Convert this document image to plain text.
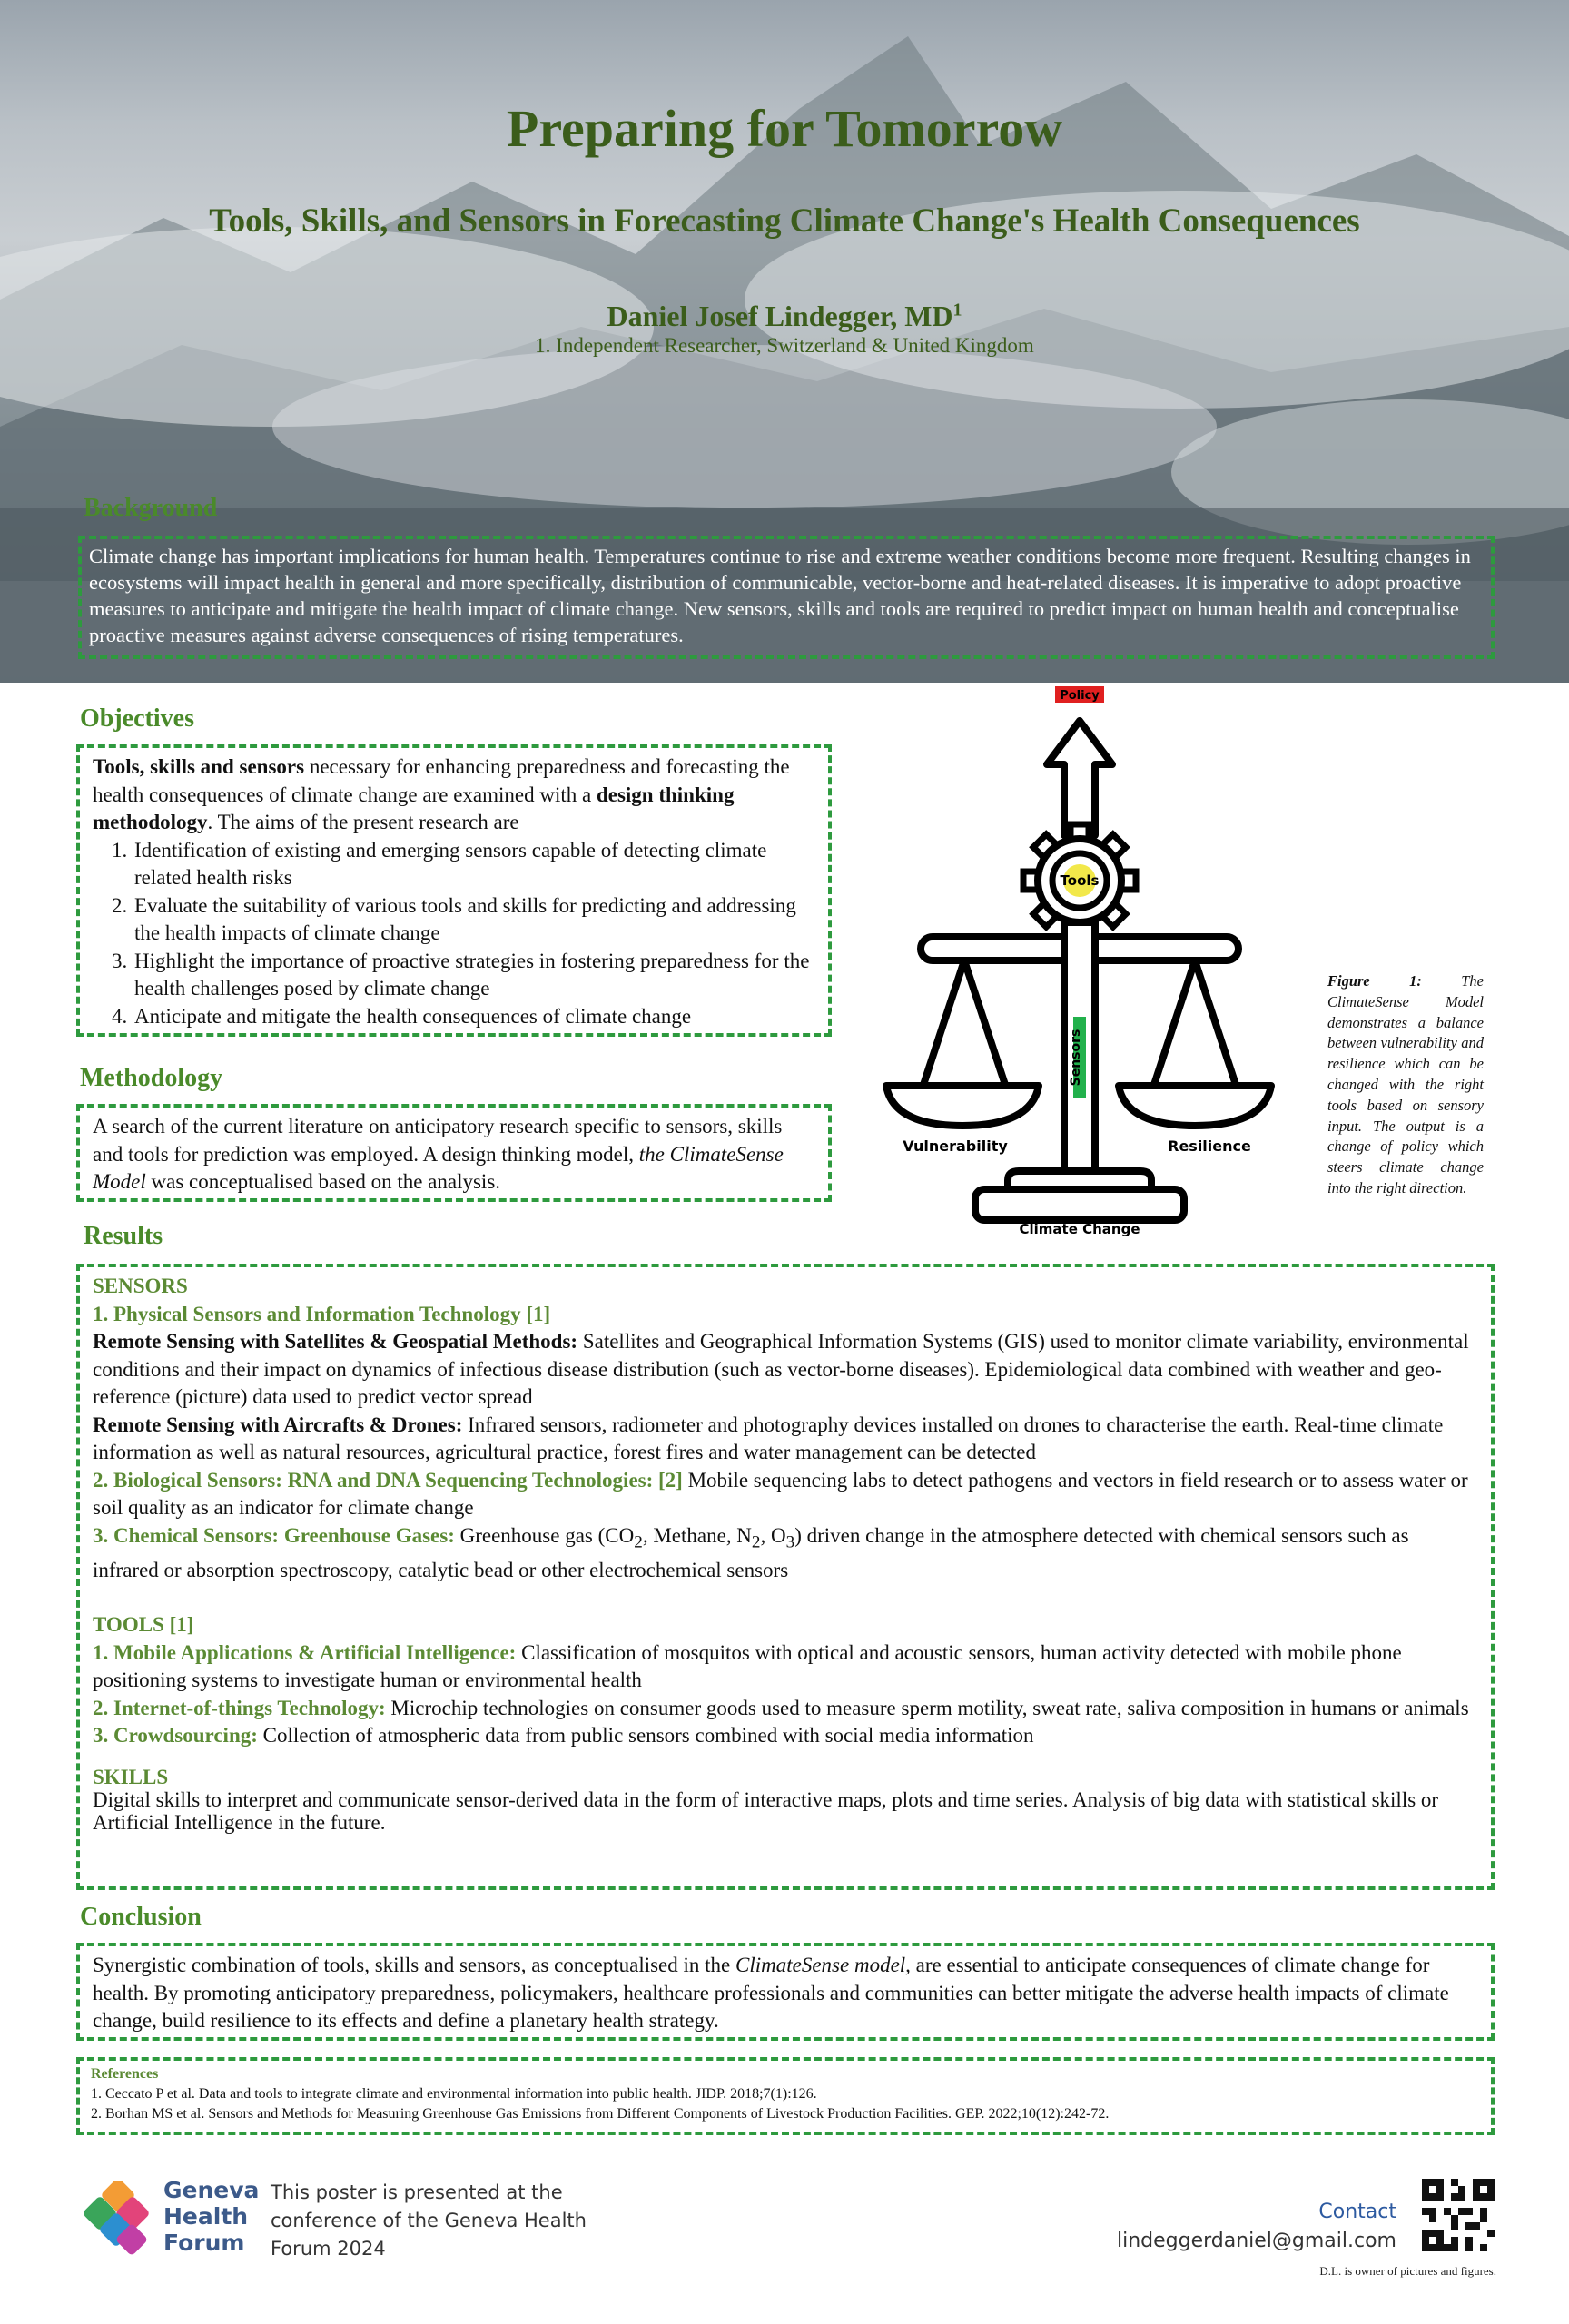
Preparing for Tomorrow
Tools, Skills, and Sensors in Forecasting Climate Change's Health Consequences
Daniel Josef Lindegger, $MD^1$
1. Independent Researcher, Switzerland & United Kingdom
Background
Climate change has important implications for human health. Temperatures continue to rise and extreme weather conditions become more frequent. Resulting changes in ecosystems will impact health in general and more specifically, distribution of communicable, vector-borne and heat-related diseases. It is imperative to adopt proactive measures to anticipate and mitigate the health impact of climate change. New sensors, skills and tools are required to predict impact on human health and conceptualise proactive measures against adverse consequences of rising temperatures.
Objectives
Tools, skills and sensors necessary for enhancing preparedness and forecasting the health consequences of climate change are examined with a design thinking methodology. The aims of the present research are
1. Identification of existing and emerging sensors capable of detecting climate related health risks
2. Evaluate the suitability of various tools and skills for predicting and addressing the health impacts of climate change
3. Highlight the importance of proactive strategies in fostering preparedness for the health challenges posed by climate change
4. Anticipate and mitigate the health consequences of climate change
Methodology
A search of the current literature on anticipatory research specific to sensors, skills and tools for prediction was employed. A design thinking model, the ClimateSense Model was conceptualised based on the analysis.
Policy
Tools
Sensors
Vulnerability	Resilience
Climate Change
Figure 1: The ClimateSense Model demonstrates a balance between vulnerability and resilience which can be changed with the right tools based on sensory input. The output is a change of policy which steers climate change into the right direction.
Results
SENSORS
1. Physical Sensors and Information Technology [1]
Remote Sensing with Satellites & Geospatial Methods: Satellites and Geographical Information Systems (GIS) used to monitor climate variability, environmental conditions and their impact on dynamics of infectious disease distribution (such as vector-borne diseases). Epidemiological data combined with weather and geo-reference (picture) data used to predict vector spread
Remote Sensing with Aircrafts & Drones: Infrared sensors, radiometer and photography devices installed on drones to characterise the earth. Real-time climate information as well as natural resources, agricultural practice, forest fires and water management can be detected
2. Biological Sensors: RNA and DNA Sequencing Technologies: [2] Mobile sequencing labs to detect pathogens and vectors in field research or to assess water or soil quality as an indicator for climate change
3. Chemical Sensors: Greenhouse Gases: Greenhouse gas ($CO_2$, Methane, $N_2$, $O_3$) driven change in the atmosphere detected with chemical sensors such as infrared or absorption spectroscopy, catalytic bead or other electrochemical sensors
TOOLS [1]
1. Mobile Applications & Artificial Intelligence: Classification of mosquitos with optical and acoustic sensors, human activity detected with mobile phone positioning systems to investigate human or environmental health
2. Internet-of-things Technology: Microchip technologies on consumer goods used to measure sperm motility, sweat rate, saliva composition in humans or animals
3. Crowdsourcing: Collection of atmospheric data from public sensors combined with social media information
SKILLS
Digital skills to interpret and communicate sensor-derived data in the form of interactive maps, plots and time series. Analysis of big data with statistical skills or Artificial Intelligence in the future.
Conclusion
Synergistic combination of tools, skills and sensors, as conceptualised in the ClimateSense model, are essential to anticipate consequences of climate change for health. By promoting anticipatory preparedness, policymakers, healthcare professionals and communities can better mitigate the adverse health impacts of climate change, build resilience to its effects and define a planetary health strategy.
References
1. Ceccato P et al. Data and tools to integrate climate and environmental information into public health. JIDP. 2018;7(1):126.
2. Borhan MS et al. Sensors and Methods for Measuring Greenhouse Gas Emissions from Different Components of Livestock Production Facilities. GEP. 2022;10(12):242-72.
Geneva
Health
Forum
This poster is presented at the conference of the Geneva Health Forum 2024
Contact
lindeggerdaniel@gmail.com
D.L. is owner of pictures and figures.
